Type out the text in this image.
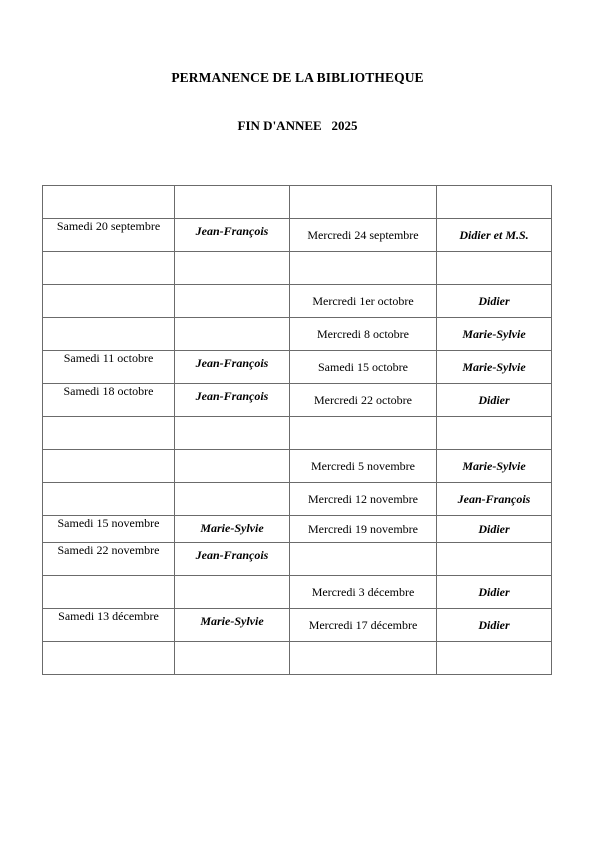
PERMANENCE DE LA BIBLIOTHEQUE
FIN D'ANNEE   2025

Samedi 20 septembre	Jean-François	Mercredi 24 septembre	Didier et M.S.

		Mercredi 1er octobre	Didier
		Mercredi 8 octobre	Marie-Sylvie
Samedi 11 octobre	Jean-François	Samedi 15 octobre	Marie-Sylvie
Samedi 18 octobre	Jean-François	Mercredi 22 octobre	Didier

		Mercredi 5 novembre	Marie-Sylvie
		Mercredi 12 novembre	Jean-François
Samedi 15 novembre	Marie-Sylvie	Mercredi 19 novembre	Didier
Samedi 22 novembre	Jean-François		
		Mercredi 3 décembre	Didier
Samedi 13 décembre	Marie-Sylvie	Mercredi 17 décembre	Didier
